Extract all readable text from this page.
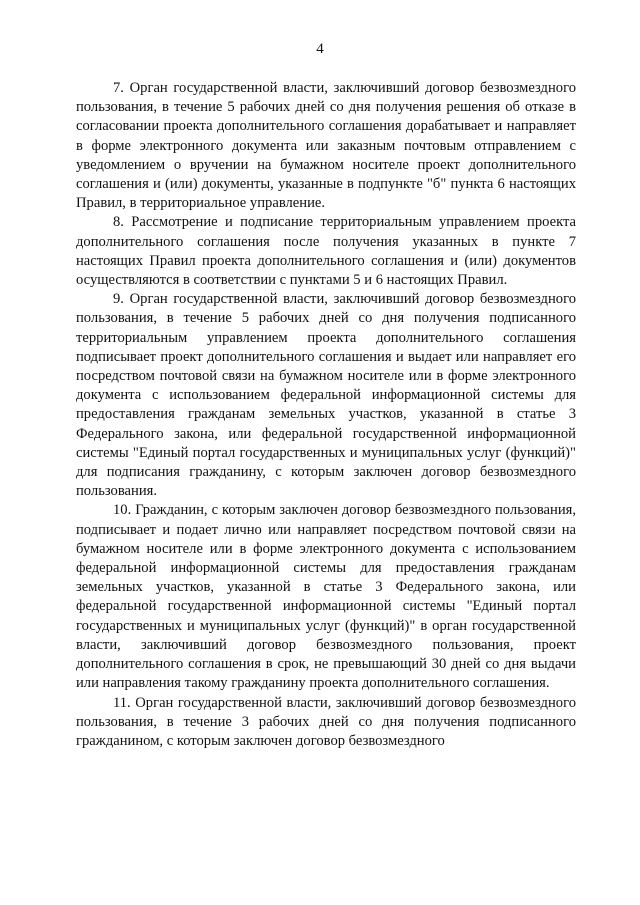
4

7. Орган государственной власти, заключивший договор безвозмездного пользования, в течение 5 рабочих дней со дня получения решения об отказе в согласовании проекта дополнительного соглашения дорабатывает и направляет в форме электронного документа или заказным почтовым отправлением с уведомлением о вручении на бумажном носителе проект дополнительного соглашения и (или) документы, указанные в подпункте "б" пункта 6 настоящих Правил, в территориальное управление.

8. Рассмотрение и подписание территориальным управлением проекта дополнительного соглашения после получения указанных в пункте 7 настоящих Правил проекта дополнительного соглашения и (или) документов осуществляются в соответствии с пунктами 5 и 6 настоящих Правил.

9. Орган государственной власти, заключивший договор безвозмездного пользования, в течение 5 рабочих дней со дня получения подписанного территориальным управлением проекта дополнительного соглашения подписывает проект дополнительного соглашения и выдает или направляет его посредством почтовой связи на бумажном носителе или в форме электронного документа с использованием федеральной информационной системы для предоставления гражданам земельных участков, указанной в статье 3 Федерального закона, или федеральной государственной информационной системы "Единый портал государственных и муниципальных услуг (функций)" для подписания гражданину, с которым заключен договор безвозмездного пользования.

10. Гражданин, с которым заключен договор безвозмездного пользования, подписывает и подает лично или направляет посредством почтовой связи на бумажном носителе или в форме электронного документа с использованием федеральной информационной системы для предоставления гражданам земельных участков, указанной в статье 3 Федерального закона, или федеральной государственной информационной системы "Единый портал государственных и муниципальных услуг (функций)" в орган государственной власти, заключивший договор безвозмездного пользования, проект дополнительного соглашения в срок, не превышающий 30 дней со дня выдачи или направления такому гражданину проекта дополнительного соглашения.

11. Орган государственной власти, заключивший договор безвозмездного пользования, в течение 3 рабочих дней со дня получения подписанного гражданином, с которым заключен договор безвозмездного
